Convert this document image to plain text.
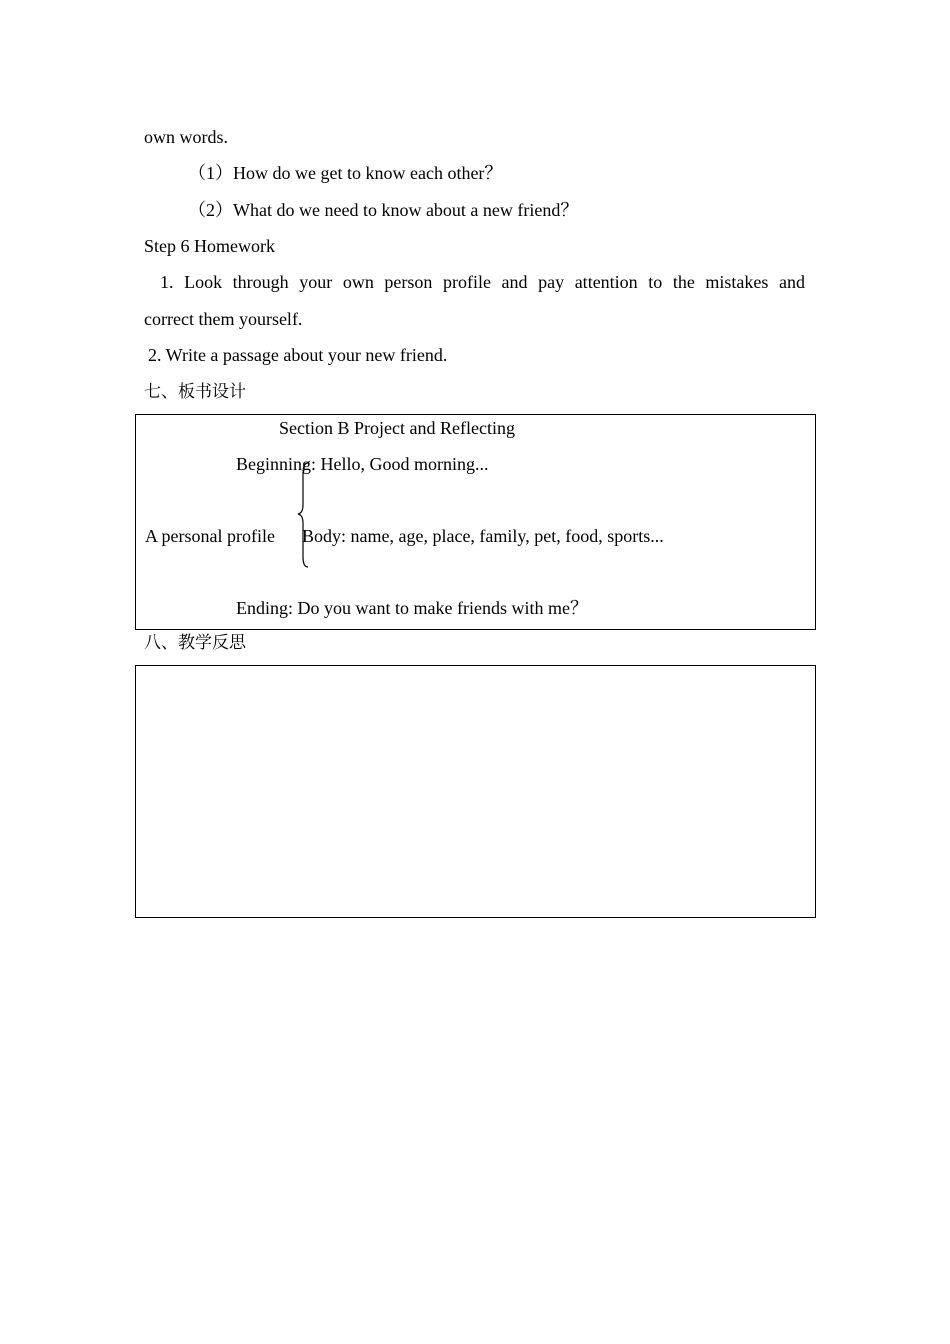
own words.
（1）How do we get to know each other？
（2）What do we need to know about a new friend？
Step 6 Homework
1. Look through your own person profile and pay attention to the mistakes and
correct them yourself.
2. Write a passage about your new friend.
七、板书设计
Section B Project and Reflecting
Beginning: Hello, Good morning...
A personal profile Body: name, age, place, family, pet, food, sports...
Ending: Do you want to make friends with me？
八、教学反思
